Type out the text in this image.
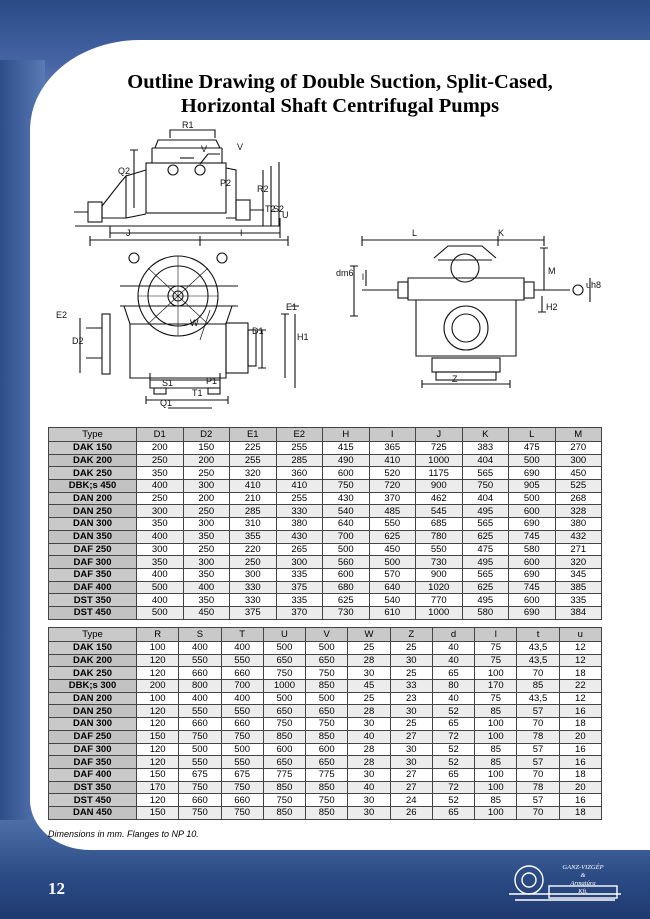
Outline Drawing of Double Suction, Split-Cased,
Horizontal Shaft Centrifugal Pumps
R1
V	V
Q2
P2
R2
T2
S2
U
J	I
E2
D2
W
D1
E1
H1
S1	P1
T1
Q1
L	K
dm6 l
M
uh8
H2
Z
Type	D1	D2	E1	E2	H	I	J	K	L	M
DAK 150	200	150	225	255	415	365	725	383	475	270
DAK 200	250	200	255	285	490	410	1000	404	500	300
DAK 250	350	250	320	360	600	520	1175	565	690	450
DBK;s 450	400	300	410	410	750	720	900	750	905	525
DAN 200	250	200	210	255	430	370	462	404	500	268
DAN 250	300	250	285	330	540	485	545	495	600	328
DAN 300	350	300	310	380	640	550	685	565	690	380
DAN 350	400	350	355	430	700	625	780	625	745	432
DAF 250	300	250	220	265	500	450	550	475	580	271
DAF 300	350	300	250	300	560	500	730	495	600	320
DAF 350	400	350	300	335	600	570	900	565	690	345
DAF 400	500	400	330	375	680	640	1020	625	745	385
DST 350	400	350	330	335	625	540	770	495	600	335
DST 450	500	450	375	370	730	610	1000	580	690	384
Type	R	S	T	U	V	W	Z	d	l	t	u
DAK 150	100	400	400	500	500	25	25	40	75	43,5	12
DAK 200	120	550	550	650	650	28	30	40	75	43,5	12
DAK 250	120	660	660	750	750	30	25	65	100	70	18
DBK;s 300	200	800	700	1000	850	45	33	80	170	85	22
DAN 200	100	400	400	500	500	25	23	40	75	43,5	12
DAN 250	120	550	550	650	650	28	30	52	85	57	16
DAN 300	120	660	660	750	750	30	25	65	100	70	18
DAF 250	150	750	750	850	850	40	27	72	100	78	20
DAF 300	120	500	500	600	600	28	30	52	85	57	16
DAF 350	120	550	550	650	650	28	30	52	85	57	16
DAF 400	150	675	675	775	775	30	27	65	100	70	18
DST 350	170	750	750	850	850	40	27	72	100	78	20
DST 450	120	660	660	750	750	30	24	52	85	57	16
DAN 450	150	750	750	850	850	30	26	65	100	70	18
Dimensions in mm. Flanges to NP 10.
12
GANZ-VIZGÉP
&
Armatúra
Kft.
